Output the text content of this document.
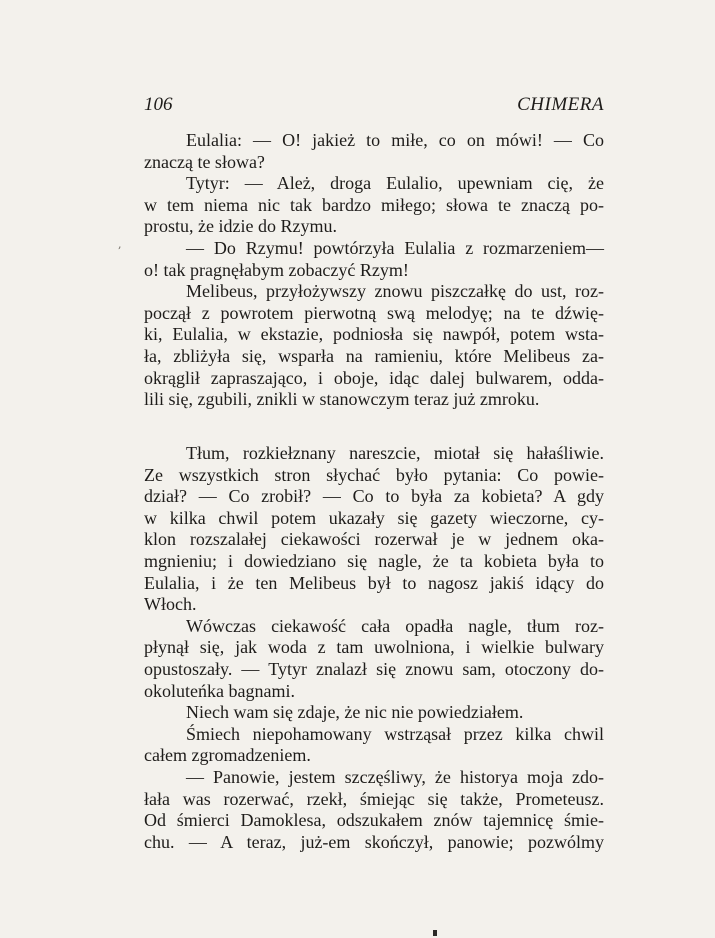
106	CHIMERA
,
Eulalia: — O! jakież to miłe, co on mówi! — Co
znaczą te słowa?
Tytyr: — Ależ, droga Eulalio, upewniam cię, że
w tem niema nic tak bardzo miłego; słowa te znaczą po-
prostu, że idzie do Rzymu.
— Do Rzymu! powtórzyła Eulalia z rozmarzeniem—
o! tak pragnęłabym zobaczyć Rzym!
Melibeus, przyłożywszy znowu piszczałkę do ust, roz-
począł z powrotem pierwotną swą melodyę; na te dźwię-
ki, Eulalia, w ekstazie, podniosła się nawpół, potem wsta-
ła, zbliżyła się, wsparła na ramieniu, które Melibeus za-
okrąglił zapraszająco, i oboje, idąc dalej bulwarem, odda-
lili się, zgubili, znikli w stanowczym teraz już zmroku.
Tłum, rozkiełznany nareszcie, miotał się hałaśliwie.
Ze wszystkich stron słychać było pytania: Co powie-
dział? — Co zrobił? — Co to była za kobieta? A gdy
w kilka chwil potem ukazały się gazety wieczorne, cy-
klon rozszalałej ciekawości rozerwał je w jednem oka-
mgnieniu; i dowiedziano się nagle, że ta kobieta była to
Eulalia, i że ten Melibeus był to nagosz jakiś idący do
Włoch.
Wówczas ciekawość cała opadła nagle, tłum roz-
płynął się, jak woda z tam uwolniona, i wielkie bulwary
opustoszały. — Tytyr znalazł się znowu sam, otoczony do-
okoluteńka bagnami.
Niech wam się zdaje, że nic nie powiedziałem.
Śmiech niepohamowany wstrząsał przez kilka chwil
całem zgromadzeniem.
— Panowie, jestem szczęśliwy, że historya moja zdo-
łała was rozerwać, rzekł, śmiejąc się także, Prometeusz.
Od śmierci Damoklesa, odszukałem znów tajemnicę śmie-
chu. — A teraz, już-em skończył, panowie; pozwólmy
